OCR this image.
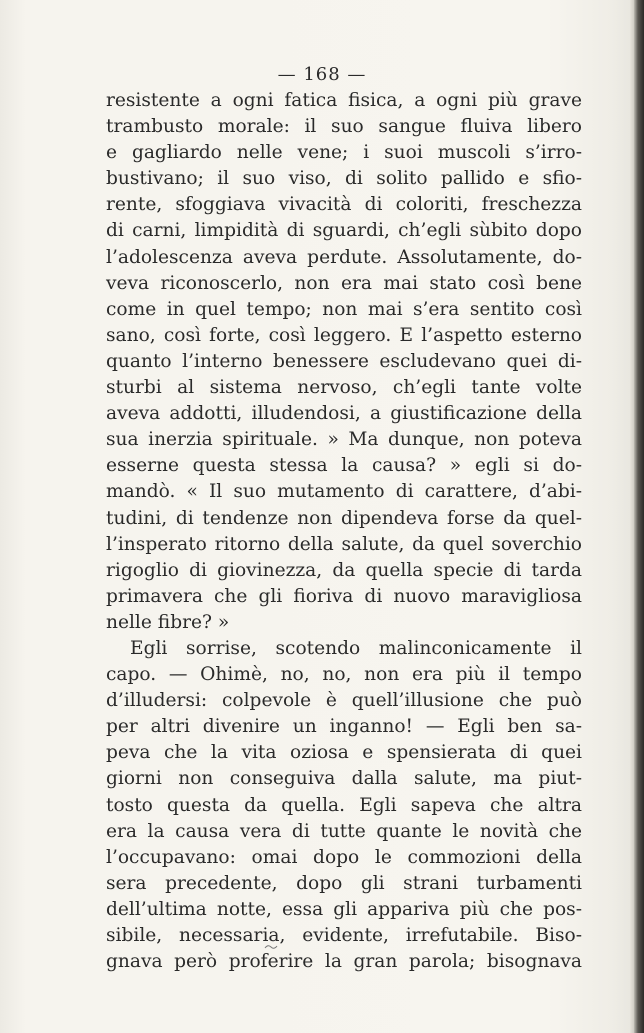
— 168 —
resistente a ogni fatica fisica, a ogni più grave
trambusto morale: il suo sangue fluiva libero
e gagliardo nelle vene; i suoi muscoli s’irro-
bustivano; il suo viso, di solito pallido e sfio-
rente, sfoggiava vivacità di coloriti, freschezza
di carni, limpidità di sguardi, ch’egli sùbito dopo
l’adolescenza aveva perdute. Assolutamente, do-
veva riconoscerlo, non era mai stato così bene
come in quel tempo; non mai s’era sentito così
sano, così forte, così leggero. E l’aspetto esterno
quanto l’interno benessere escludevano quei di-
sturbi al sistema nervoso, ch’egli tante volte
aveva addotti, illudendosi, a giustificazione della
sua inerzia spirituale. » Ma dunque, non poteva
esserne questa stessa la causa? » egli si do-
mandò. « Il suo mutamento di carattere, d’abi-
tudini, di tendenze non dipendeva forse da quel-
l’insperato ritorno della salute, da quel soverchio
rigoglio di giovinezza, da quella specie di tarda
primavera che gli fioriva di nuovo maravigliosa
nelle fibre? »
Egli sorrise, scotendo malinconicamente il
capo. — Ohimè, no, no, non era più il tempo
d’illudersi: colpevole è quell’illusione che può
per altri divenire un inganno! — Egli ben sa-
peva che la vita oziosa e spensierata di quei
giorni non conseguiva dalla salute, ma piut-
tosto questa da quella. Egli sapeva che altra
era la causa vera di tutte quante le novità che
l’occupavano: omai dopo le commozioni della
sera precedente, dopo gli strani turbamenti
dell’ultima notte, essa gli appariva più che pos-
sibile, necessaria, evidente, irrefutabile. Biso-
gnava però proferire la gran parola; bisognava
